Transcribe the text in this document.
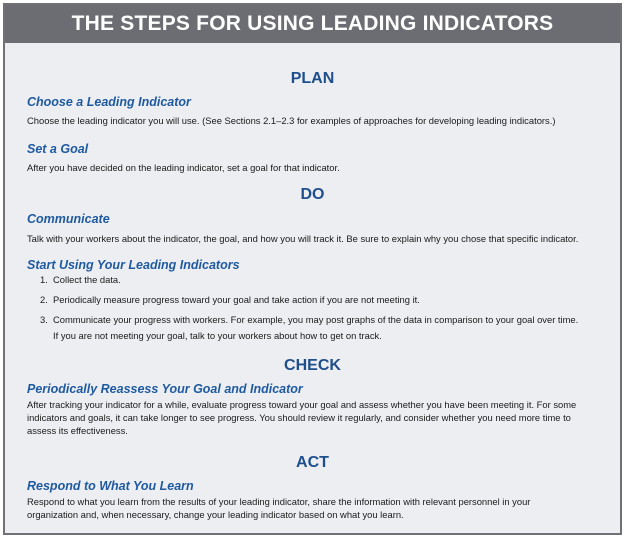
THE STEPS FOR USING LEADING INDICATORS
PLAN
Choose a Leading Indicator
Choose the leading indicator you will use. (See Sections 2.1–2.3 for examples of approaches for developing leading indicators.)
Set a Goal
After you have decided on the leading indicator, set a goal for that indicator.
DO
Communicate
Talk with your workers about the indicator, the goal, and how you will track it. Be sure to explain why you chose that specific indicator.
Start Using Your Leading Indicators
1. Collect the data.
2. Periodically measure progress toward your goal and take action if you are not meeting it.
3. Communicate your progress with workers. For example, you may post graphs of the data in comparison to your goal over time.
If you are not meeting your goal, talk to your workers about how to get on track.
CHECK
Periodically Reassess Your Goal and Indicator
After tracking your indicator for a while, evaluate progress toward your goal and assess whether you have been meeting it. For some
indicators and goals, it can take longer to see progress. You should review it regularly, and consider whether you need more time to
assess its effectiveness.
ACT
Respond to What You Learn
Respond to what you learn from the results of your leading indicator, share the information with relevant personnel in your
organization and, when necessary, change your leading indicator based on what you learn.
